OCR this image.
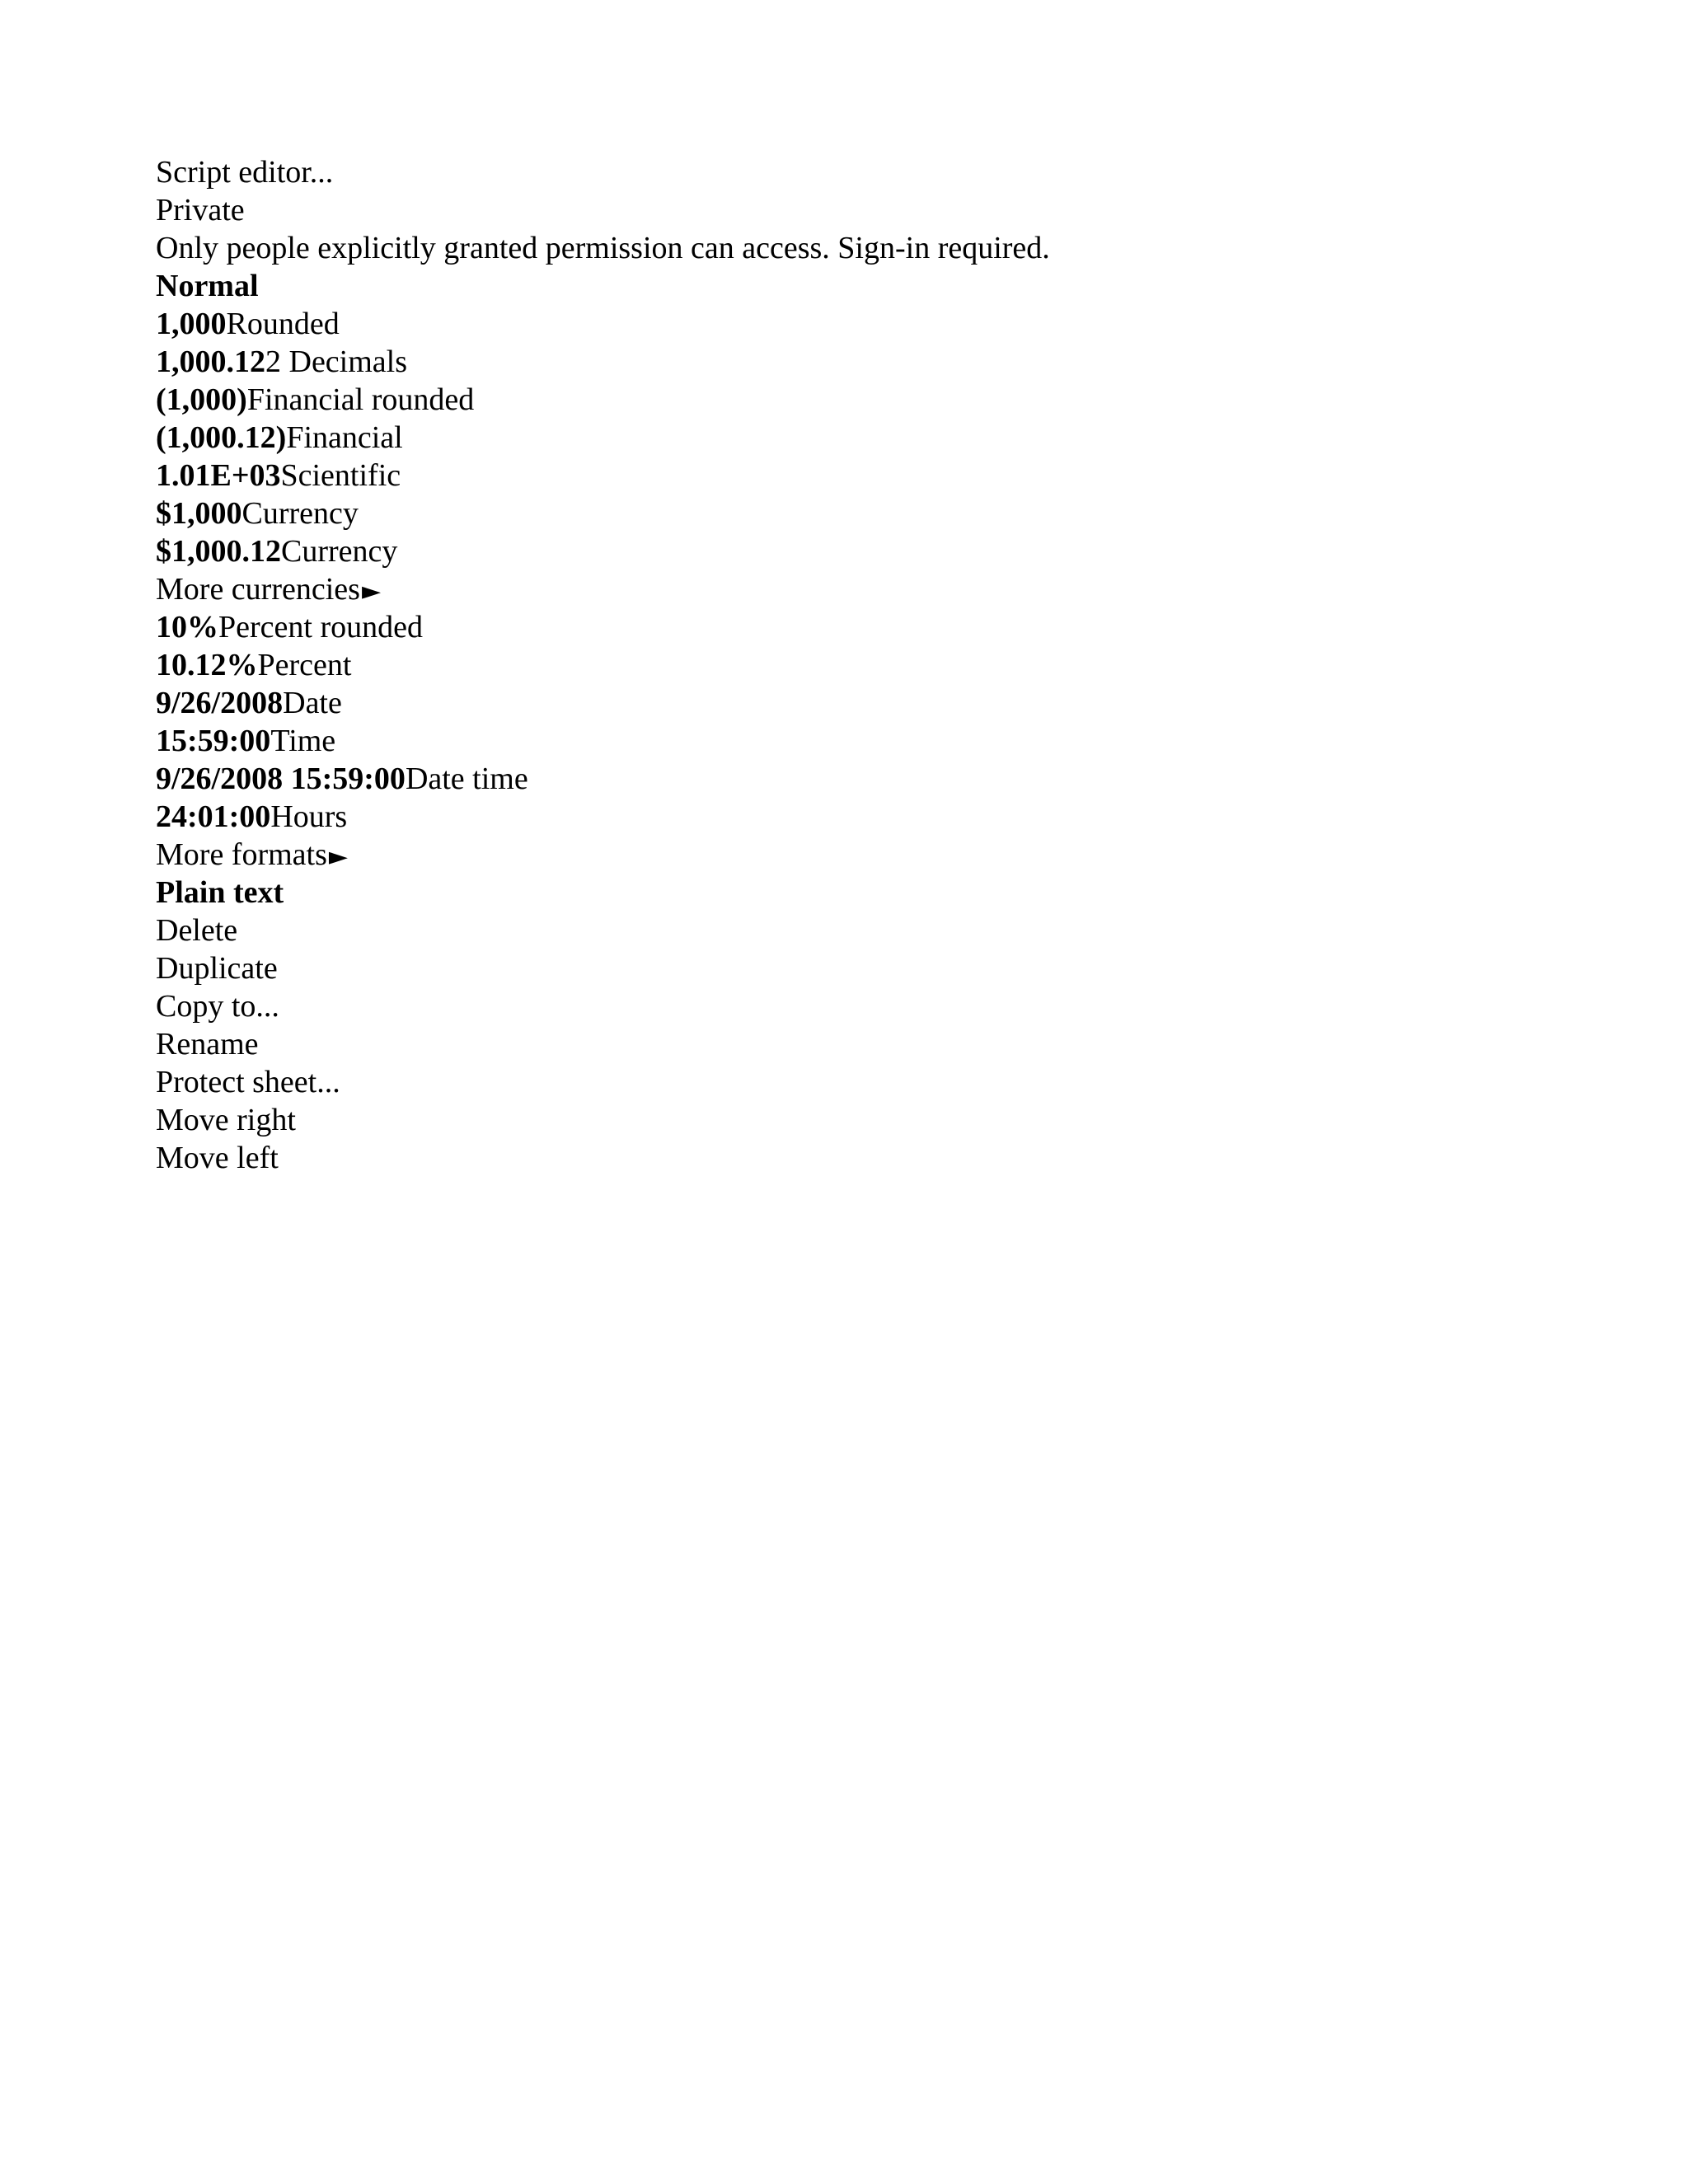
Script editor...
Private
Only people explicitly granted permission can access. Sign-in required.
Normal
1,000Rounded
1,000.122 Decimals
(1,000)Financial rounded
(1,000.12)Financial
1.01E+03Scientific
$1,000Currency
$1,000.12Currency
More currencies►
10%Percent rounded
10.12%Percent
9/26/2008Date
15:59:00Time
9/26/2008 15:59:00Date time
24:01:00Hours
More formats►
Plain text
Delete
Duplicate
Copy to...
Rename
Protect sheet...
Move right
Move left
